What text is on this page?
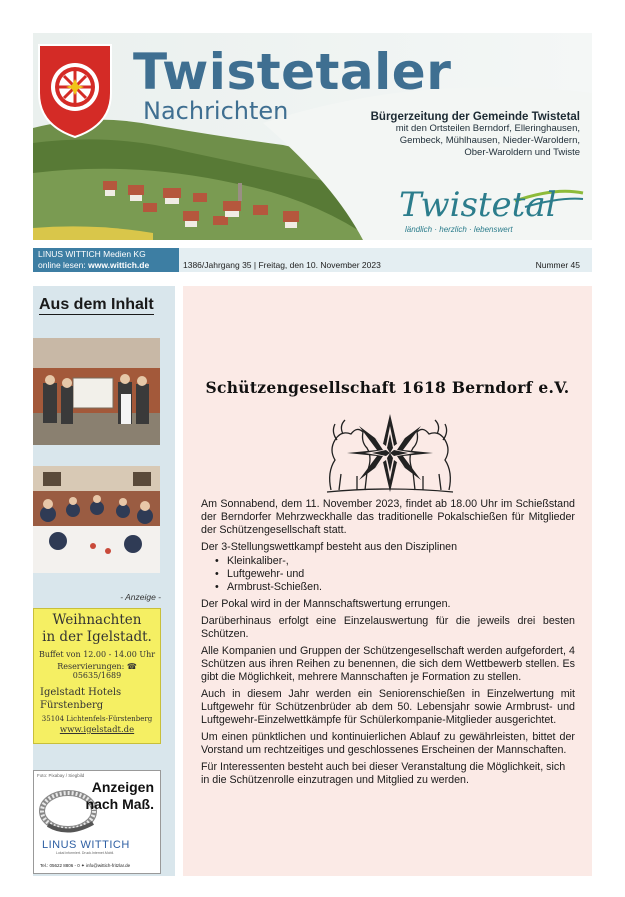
Twistetaler
Nachrichten	Bürgerzeitung der Gemeinde Twistetal
mit den Ortsteilen Berndorf, Elleringhausen,
Gembeck, Mühlhausen, Nieder-Waroldern,
Ober-Waroldern und Twiste
Twistetal
ländlich · herzlich · lebenswert
LINUS WITTICH Medien KG
online lesen: www.wittich.de	1386/Jahrgang 35 | Freitag, den 10. November 2023	Nummer 45
Aus dem Inhalt
- Anzeige -
Weihnachten
in der Igelstadt.
Buffet von 12.00 - 14.00 Uhr
Reservierungen: ☎ 05635/1689
Igelstadt Hotels
Fürstenberg
35104 Lichtenfels-Fürstenberg
www.igelstadt.de
Foto: Pixabay / Siegbild
Anzeigen
nach Maß.
LINUS WITTICH
Lokal informiert. Druck.Internet.Mobil.
Tel.: 05622 8806 - 0 ✦ info@wittich-fritzlar.de
Schützengesellschaft 1618 Berndorf e.V.

Am Sonnabend, dem 11. November 2023, findet ab 18.00 Uhr im Schießstand der Berndorfer Mehrzweckhalle das traditionelle Pokalschießen für Mitglieder der Schützengesellschaft statt.

Der 3-Stellungswettkampf besteht aus den Disziplinen

• Kleinkaliber-,
• Luftgewehr- und
• Armbrust-Schießen.

Der Pokal wird in der Mannschaftswertung errungen.

Darüberhinaus erfolgt eine Einzelauswertung für die jeweils drei besten Schützen.

Alle Kompanien und Gruppen der Schützengesellschaft werden aufgefordert, 4 Schützen aus ihren Reihen zu benennen, die sich dem Wettbewerb stellen. Es gibt die Möglichkeit, mehrere Mannschaften je Formation zu stellen.

Auch in diesem Jahr werden ein Seniorenschießen in Einzelwertung mit Luftgewehr für Schützenbrüder ab dem 50. Lebensjahr sowie Armbrust- und Luftgewehr-Einzelwettkämpfe für Schülerkompanie-Mitglieder ausgerichtet.

Um einen pünktlichen und kontinuierlichen Ablauf zu gewährleisten, bittet der Vorstand um rechtzeitiges und geschlossenes Erscheinen der Mannschaften.

Für Interessenten besteht auch bei dieser Veranstaltung die Möglichkeit, sich in die Schützenrolle einzutragen und Mitglied zu werden.
